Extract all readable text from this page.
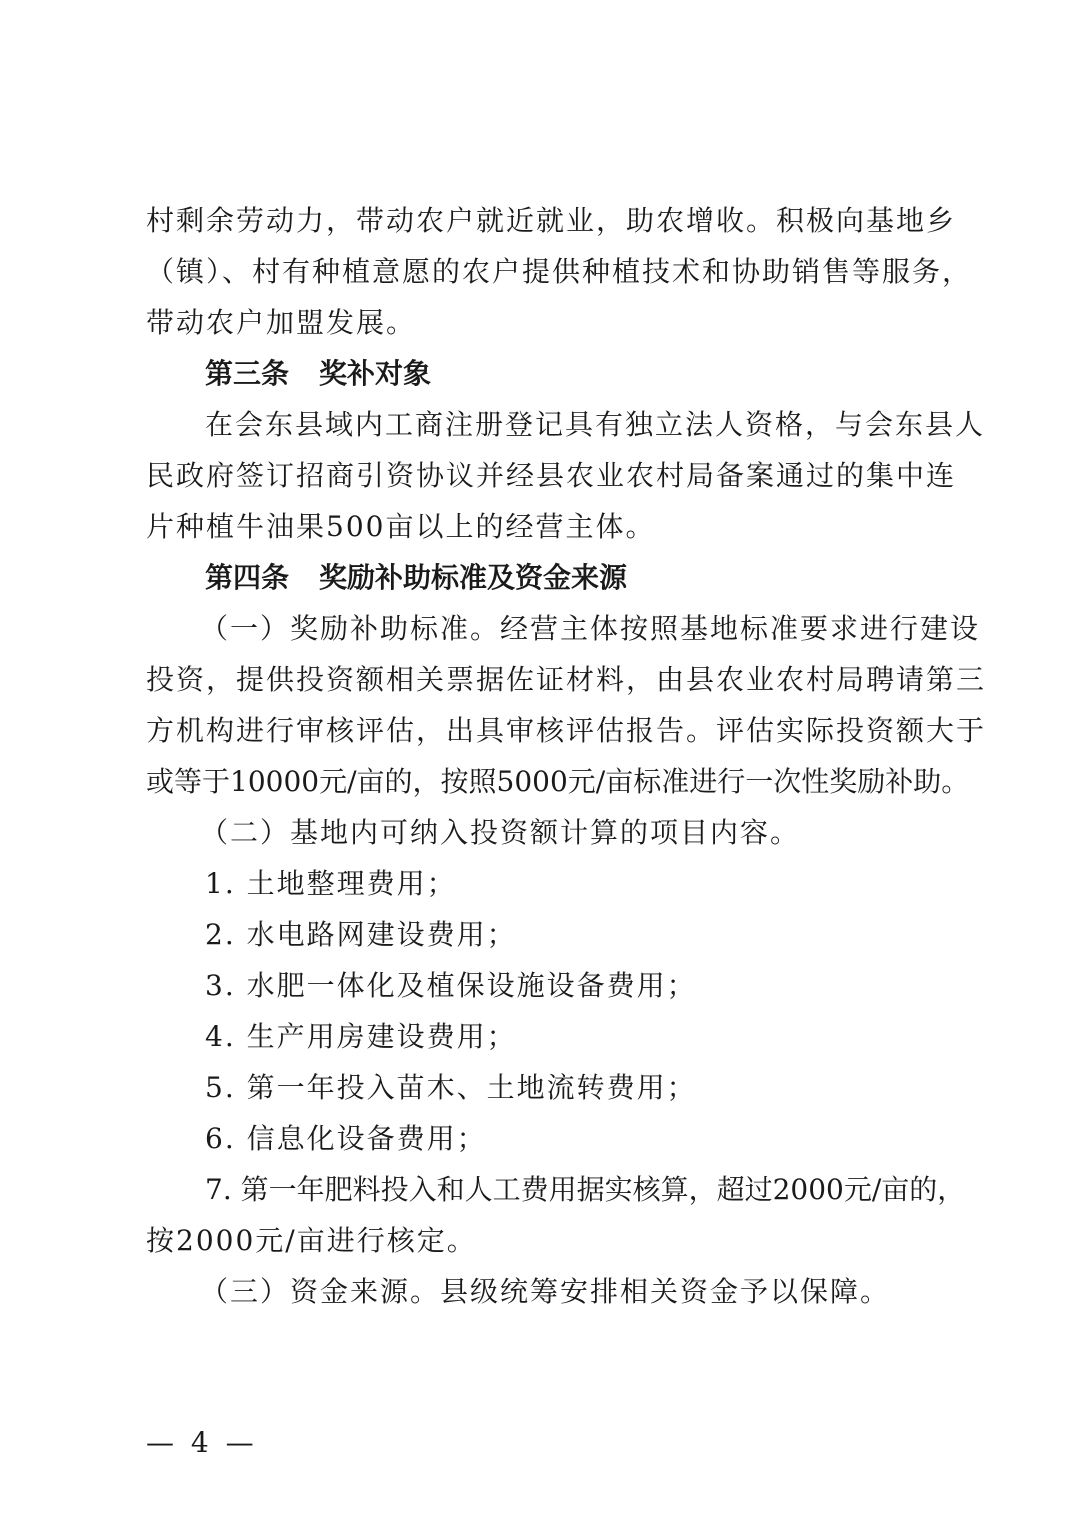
村剩余劳动力，带动农户就近就业，助农增收。积极向基地乡
（镇）、村有种植意愿的农户提供种植技术和协助销售等服务，
带动农户加盟发展。
第三条 奖补对象
在会东县域内工商注册登记具有独立法人资格，与会东县人
民政府签订招商引资协议并经县农业农村局备案通过的集中连
片种植牛油果500亩以上的经营主体。
第四条 奖励补助标准及资金来源
（一）奖励补助标准。经营主体按照基地标准要求进行建设
投资，提供投资额相关票据佐证材料，由县农业农村局聘请第三
方机构进行审核评估，出具审核评估报告。评估实际投资额大于
或等于10000元/亩的，按照5000元/亩标准进行一次性奖励补助。
（二）基地内可纳入投资额计算的项目内容。
1. 土地整理费用；
2. 水电路网建设费用；
3. 水肥一体化及植保设施设备费用；
4. 生产用房建设费用；
5. 第一年投入苗木、土地流转费用；
6. 信息化设备费用；
7. 第一年肥料投入和人工费用据实核算，超过2000元/亩的，
按2000元/亩进行核定。
（三）资金来源。县级统筹安排相关资金予以保障。
— 4 —
